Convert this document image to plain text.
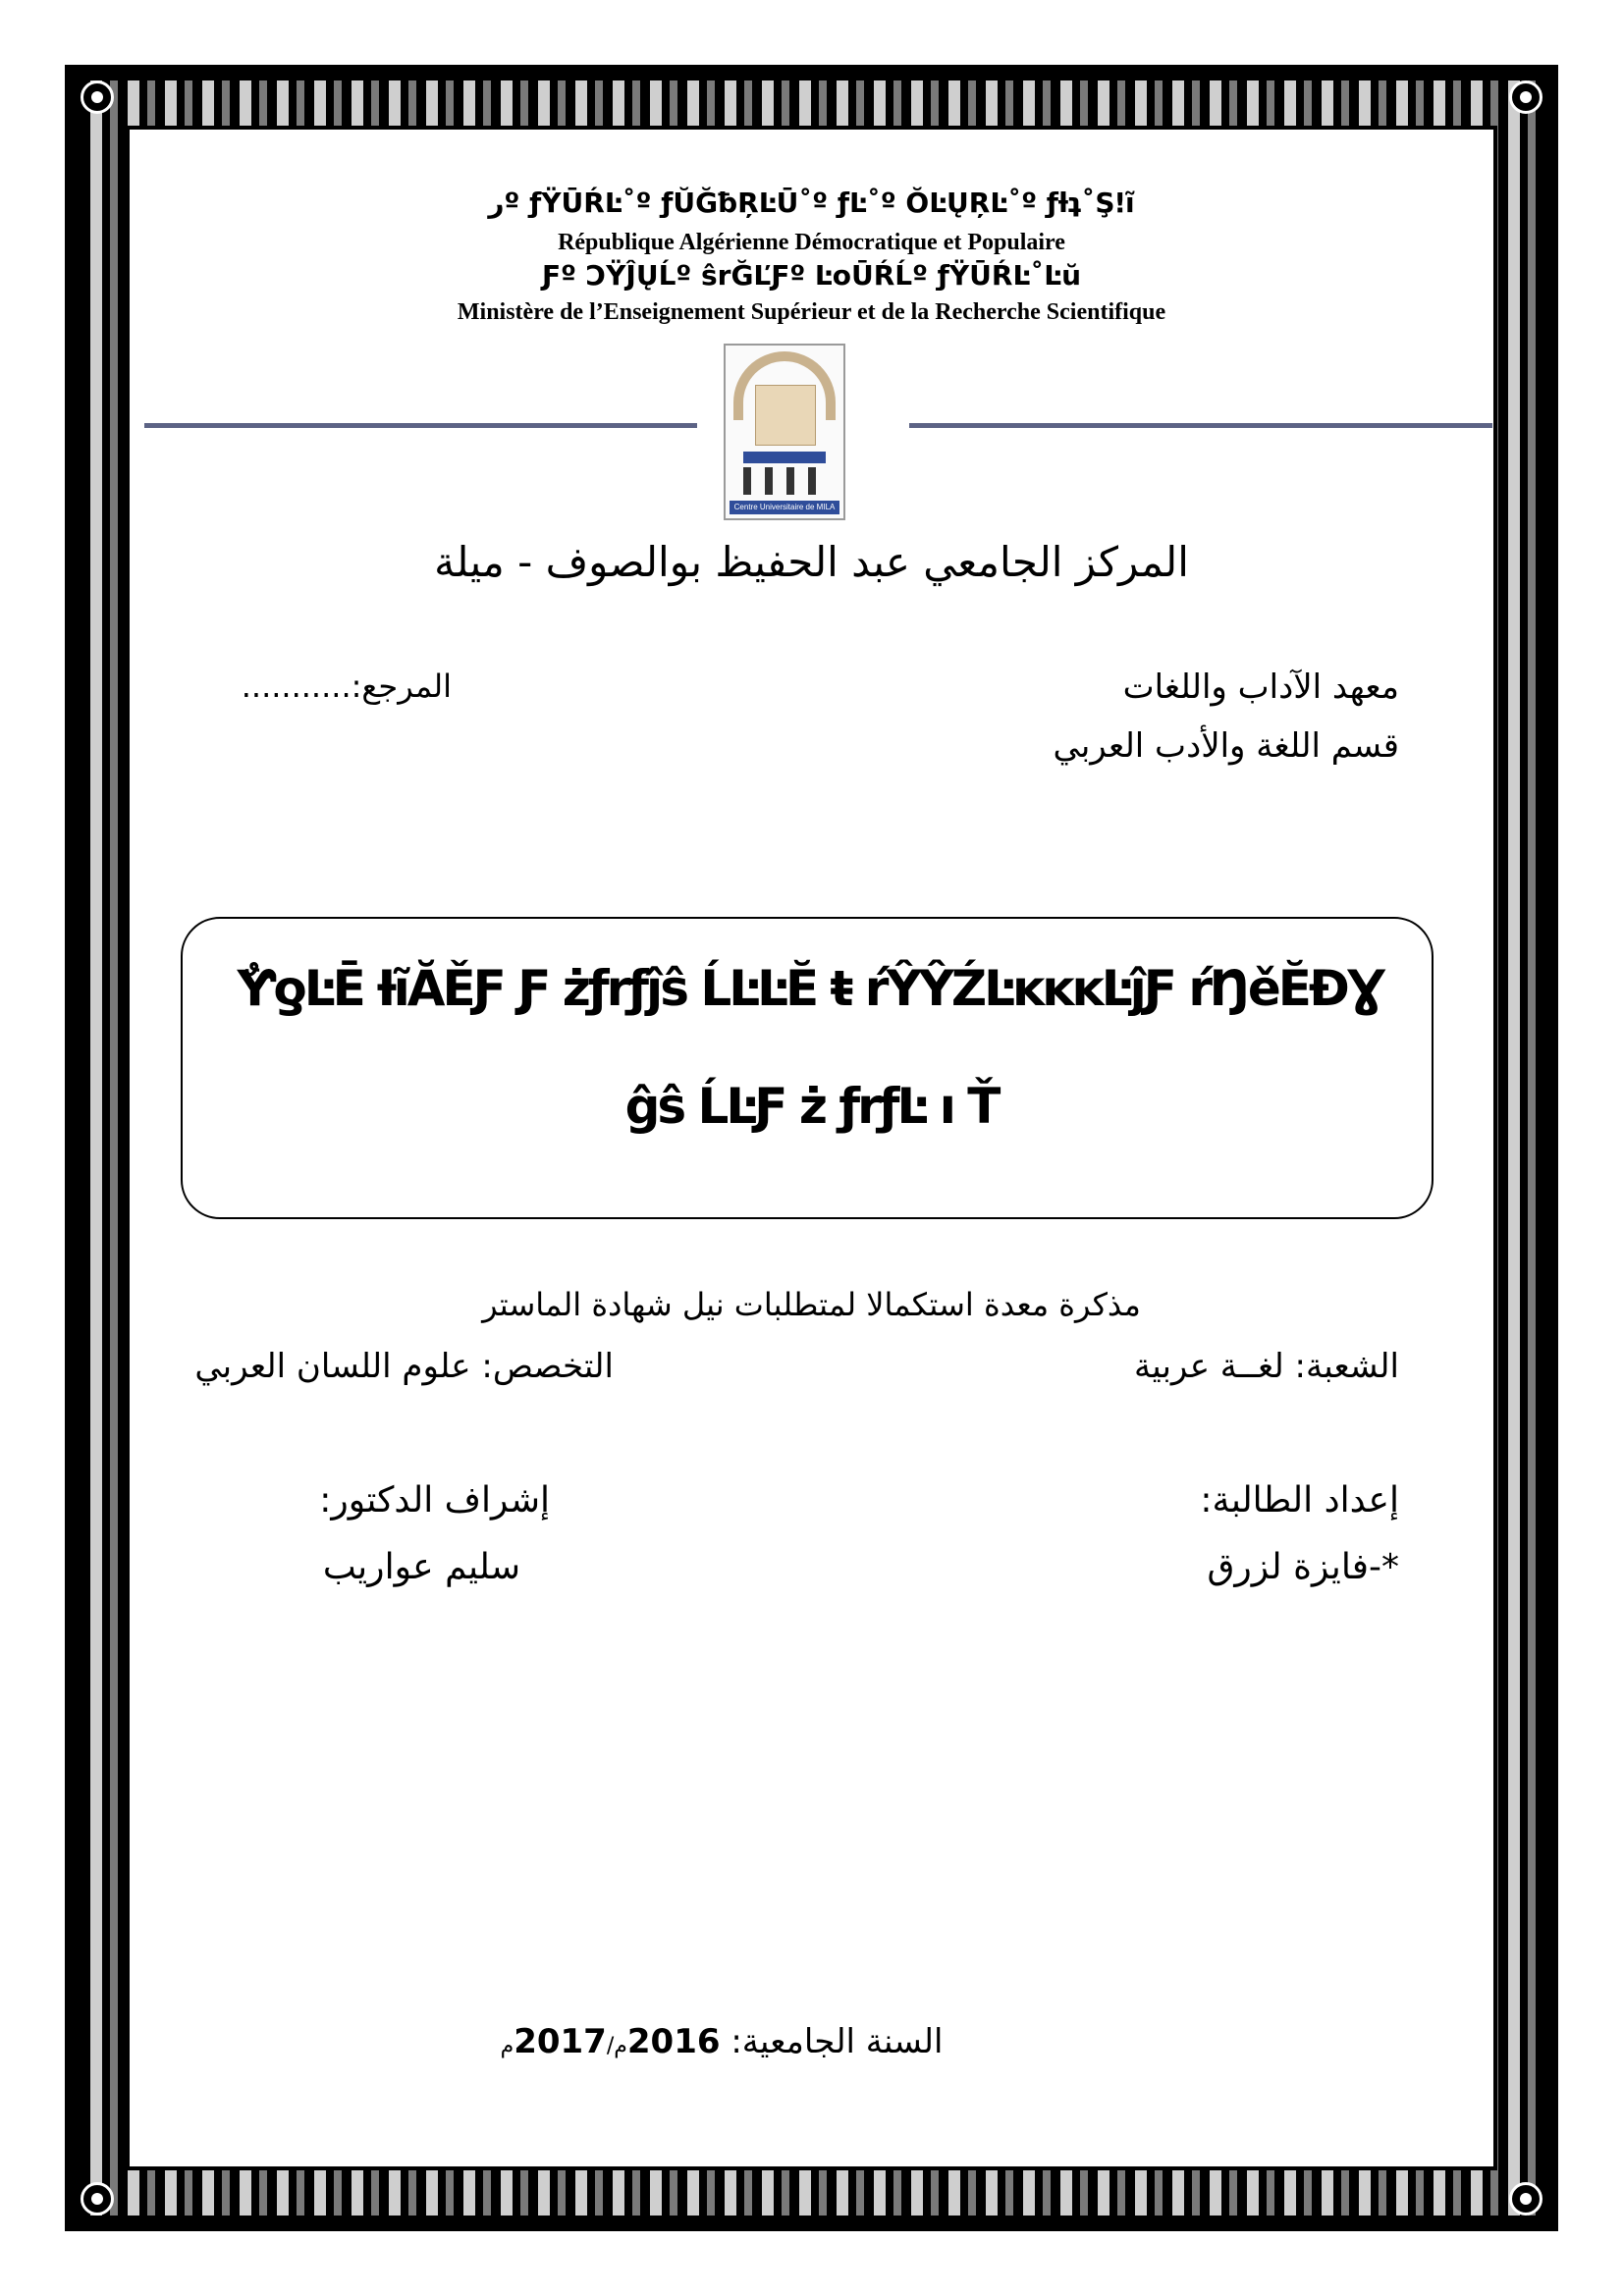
ﺭº ƒŸŪŔĿ˚º ƒŬĞƀŖĿŪ˚º ƒĿ˚º ŎĿŲŖĿ˚º ƒƚʇ˚Şǃĩ
République Algérienne Démocratique et Populaire
Ƒº ƆŸĴŲĹº ŝrĞĽƑº ĿoŪŔĹº ƒŸŪŔĿ˚Ŀŭ
Ministère de l’Enseignement Supérieur et de la Recherche Scientifique
Centre Universitaire de MILA
المركز الجامعي عبد الحفيظ بوالصوف - ميلة
معهد الآداب واللغات
قسم اللغة والأدب العربي
المرجع:...........
ٌƳƍĿĒ ƗĩĂĚƑ Ƒ żƒrƒĵŝ ĹĿĿĔ ŧ ŕŶŶŹĿĸĸĸĿĵƑ ŕŊěĔĐƔ
ĝŝ ĹĿƑ ż ƒrƒĿ ı Ť
مذكرة معدة استكمالا لمتطلبات نيل شهادة الماستر
الشعبة: لغــة عربية
التخصص: علوم اللسان العربي
إعداد الطالبة:
*-فايزة لزرق
إشراف الدكتور:
سليم عواريب
السنة الجامعية: 2016م/2017م
